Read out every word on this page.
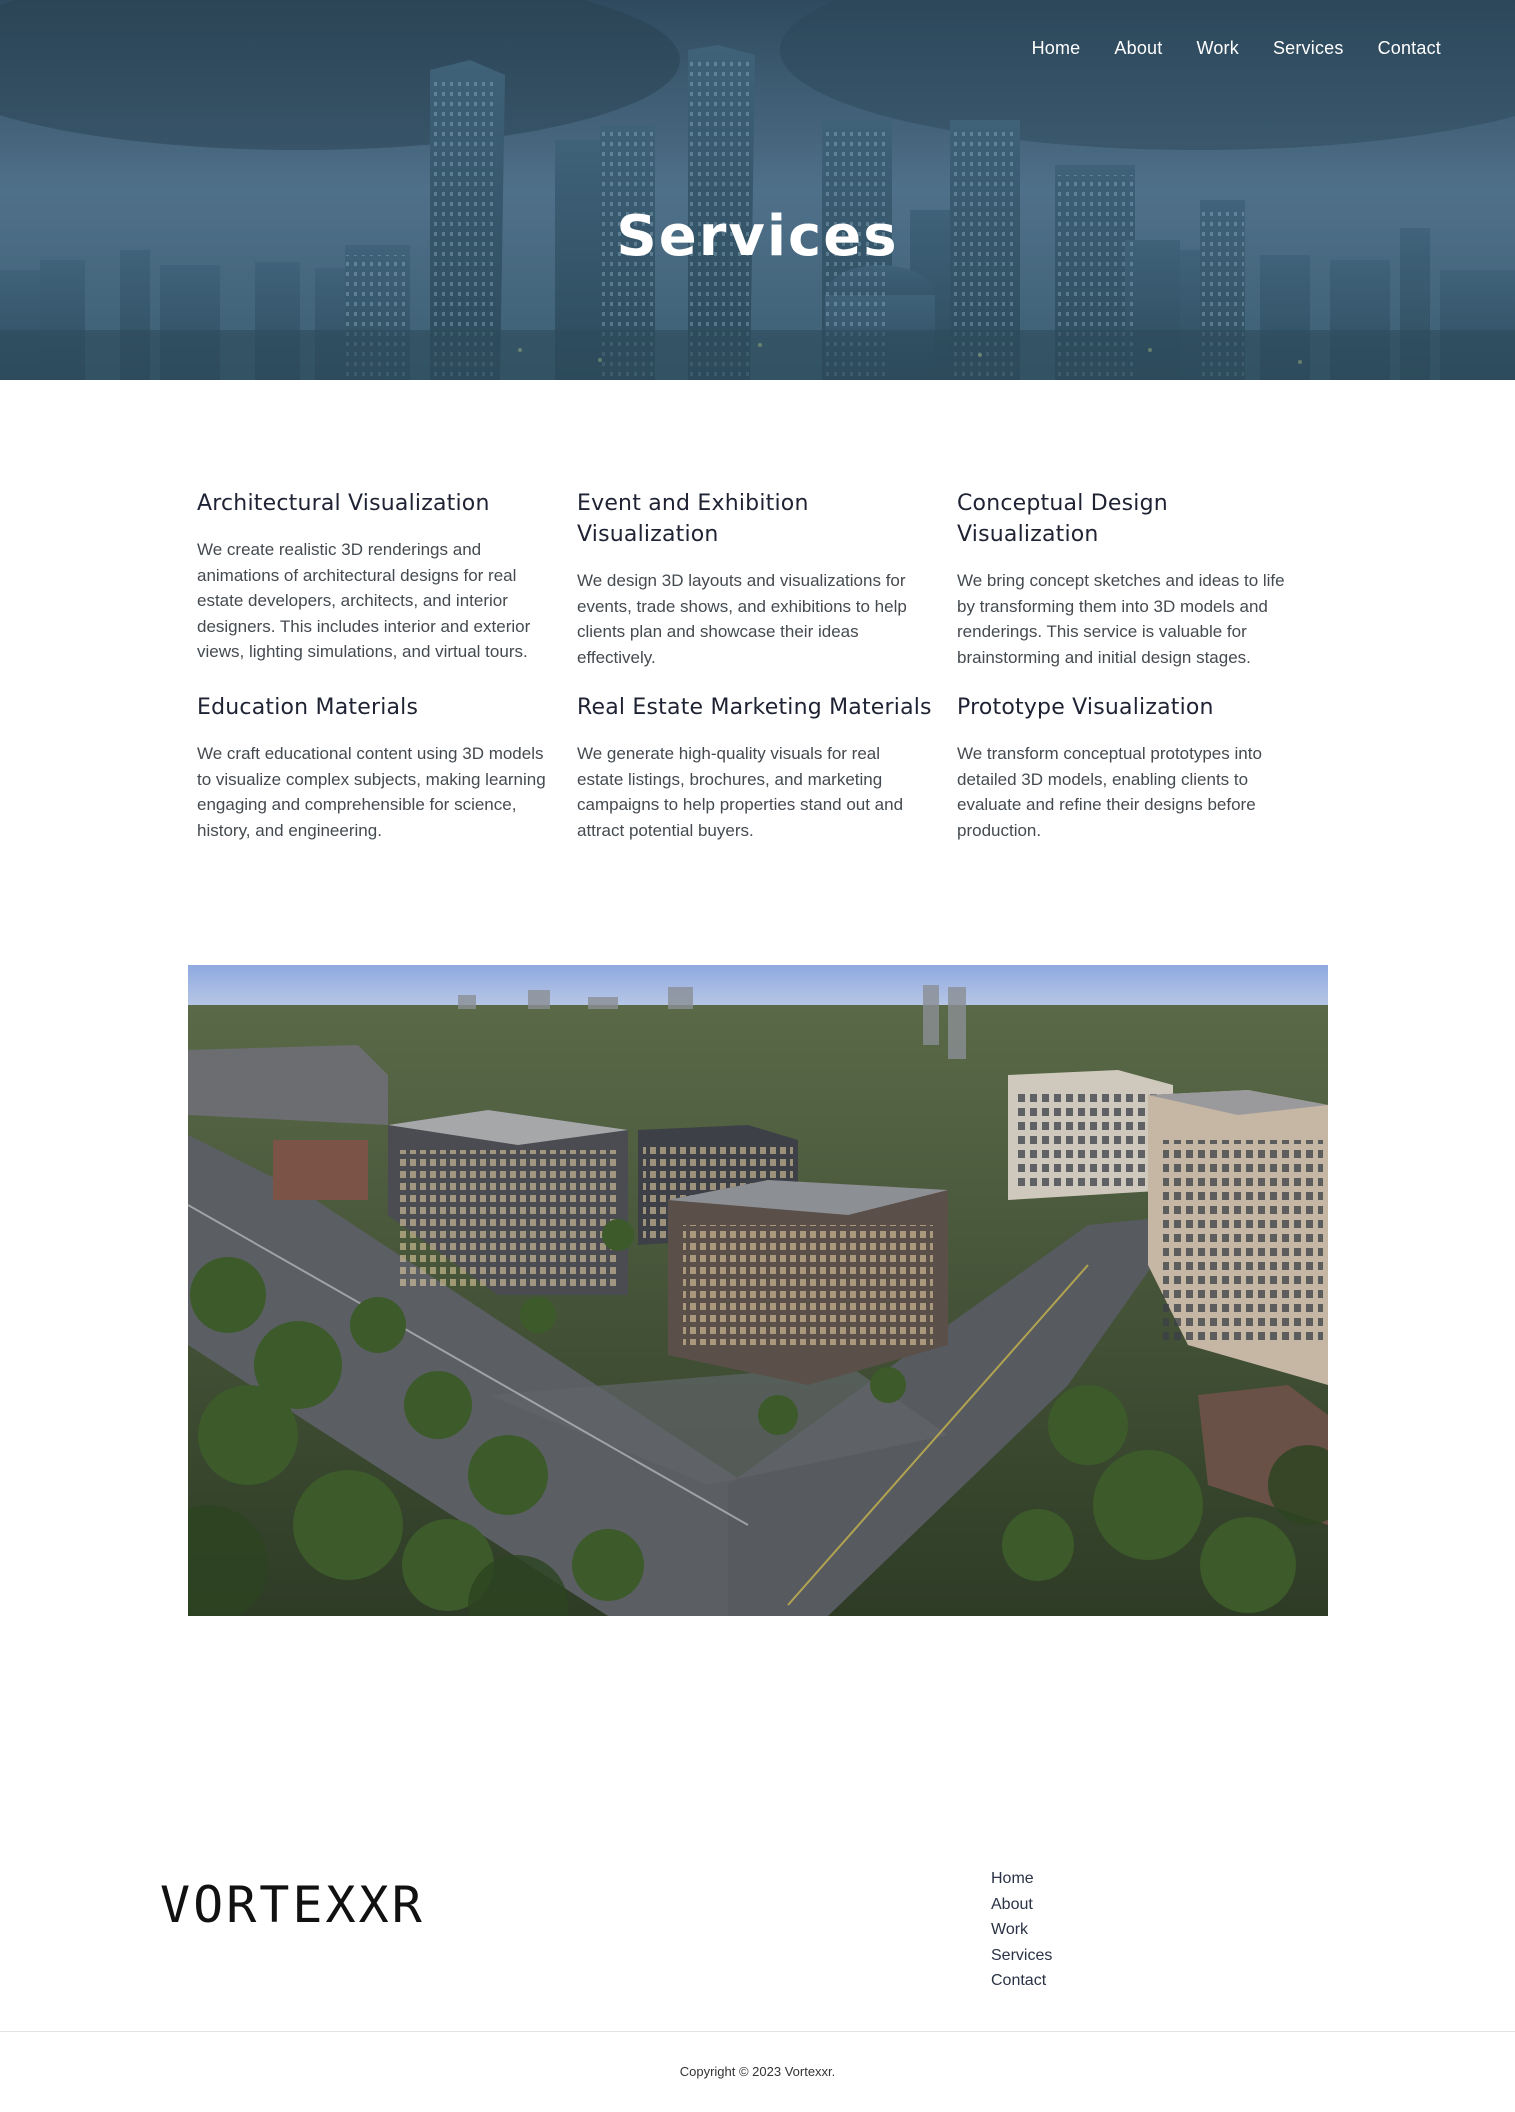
Home About Work Services Contact
Services
Architectural Visualization

We create realistic 3D renderings and animations of architectural designs for real estate developers, architects, and interior designers. This includes interior and exterior views, lighting simulations, and virtual tours.

Event and Exhibition Visualization

We design 3D layouts and visualizations for events, trade shows, and exhibitions to help clients plan and showcase their ideas effectively.

Conceptual Design Visualization

We bring concept sketches and ideas to life by transforming them into 3D models and renderings. This service is valuable for brainstorming and initial design stages.

Education Materials

We craft educational content using 3D models to visualize complex subjects, making learning engaging and comprehensible for science, history, and engineering.

Real Estate Marketing Materials

We generate high-quality visuals for real estate listings, brochures, and marketing campaigns to help properties stand out and attract potential buyers.

Prototype Visualization

We transform conceptual prototypes into detailed 3D models, enabling clients to evaluate and refine their designs before production.

VORTEXXR	Home
About
Work
Services
Contact
Copyright © 2023 Vortexxr.
